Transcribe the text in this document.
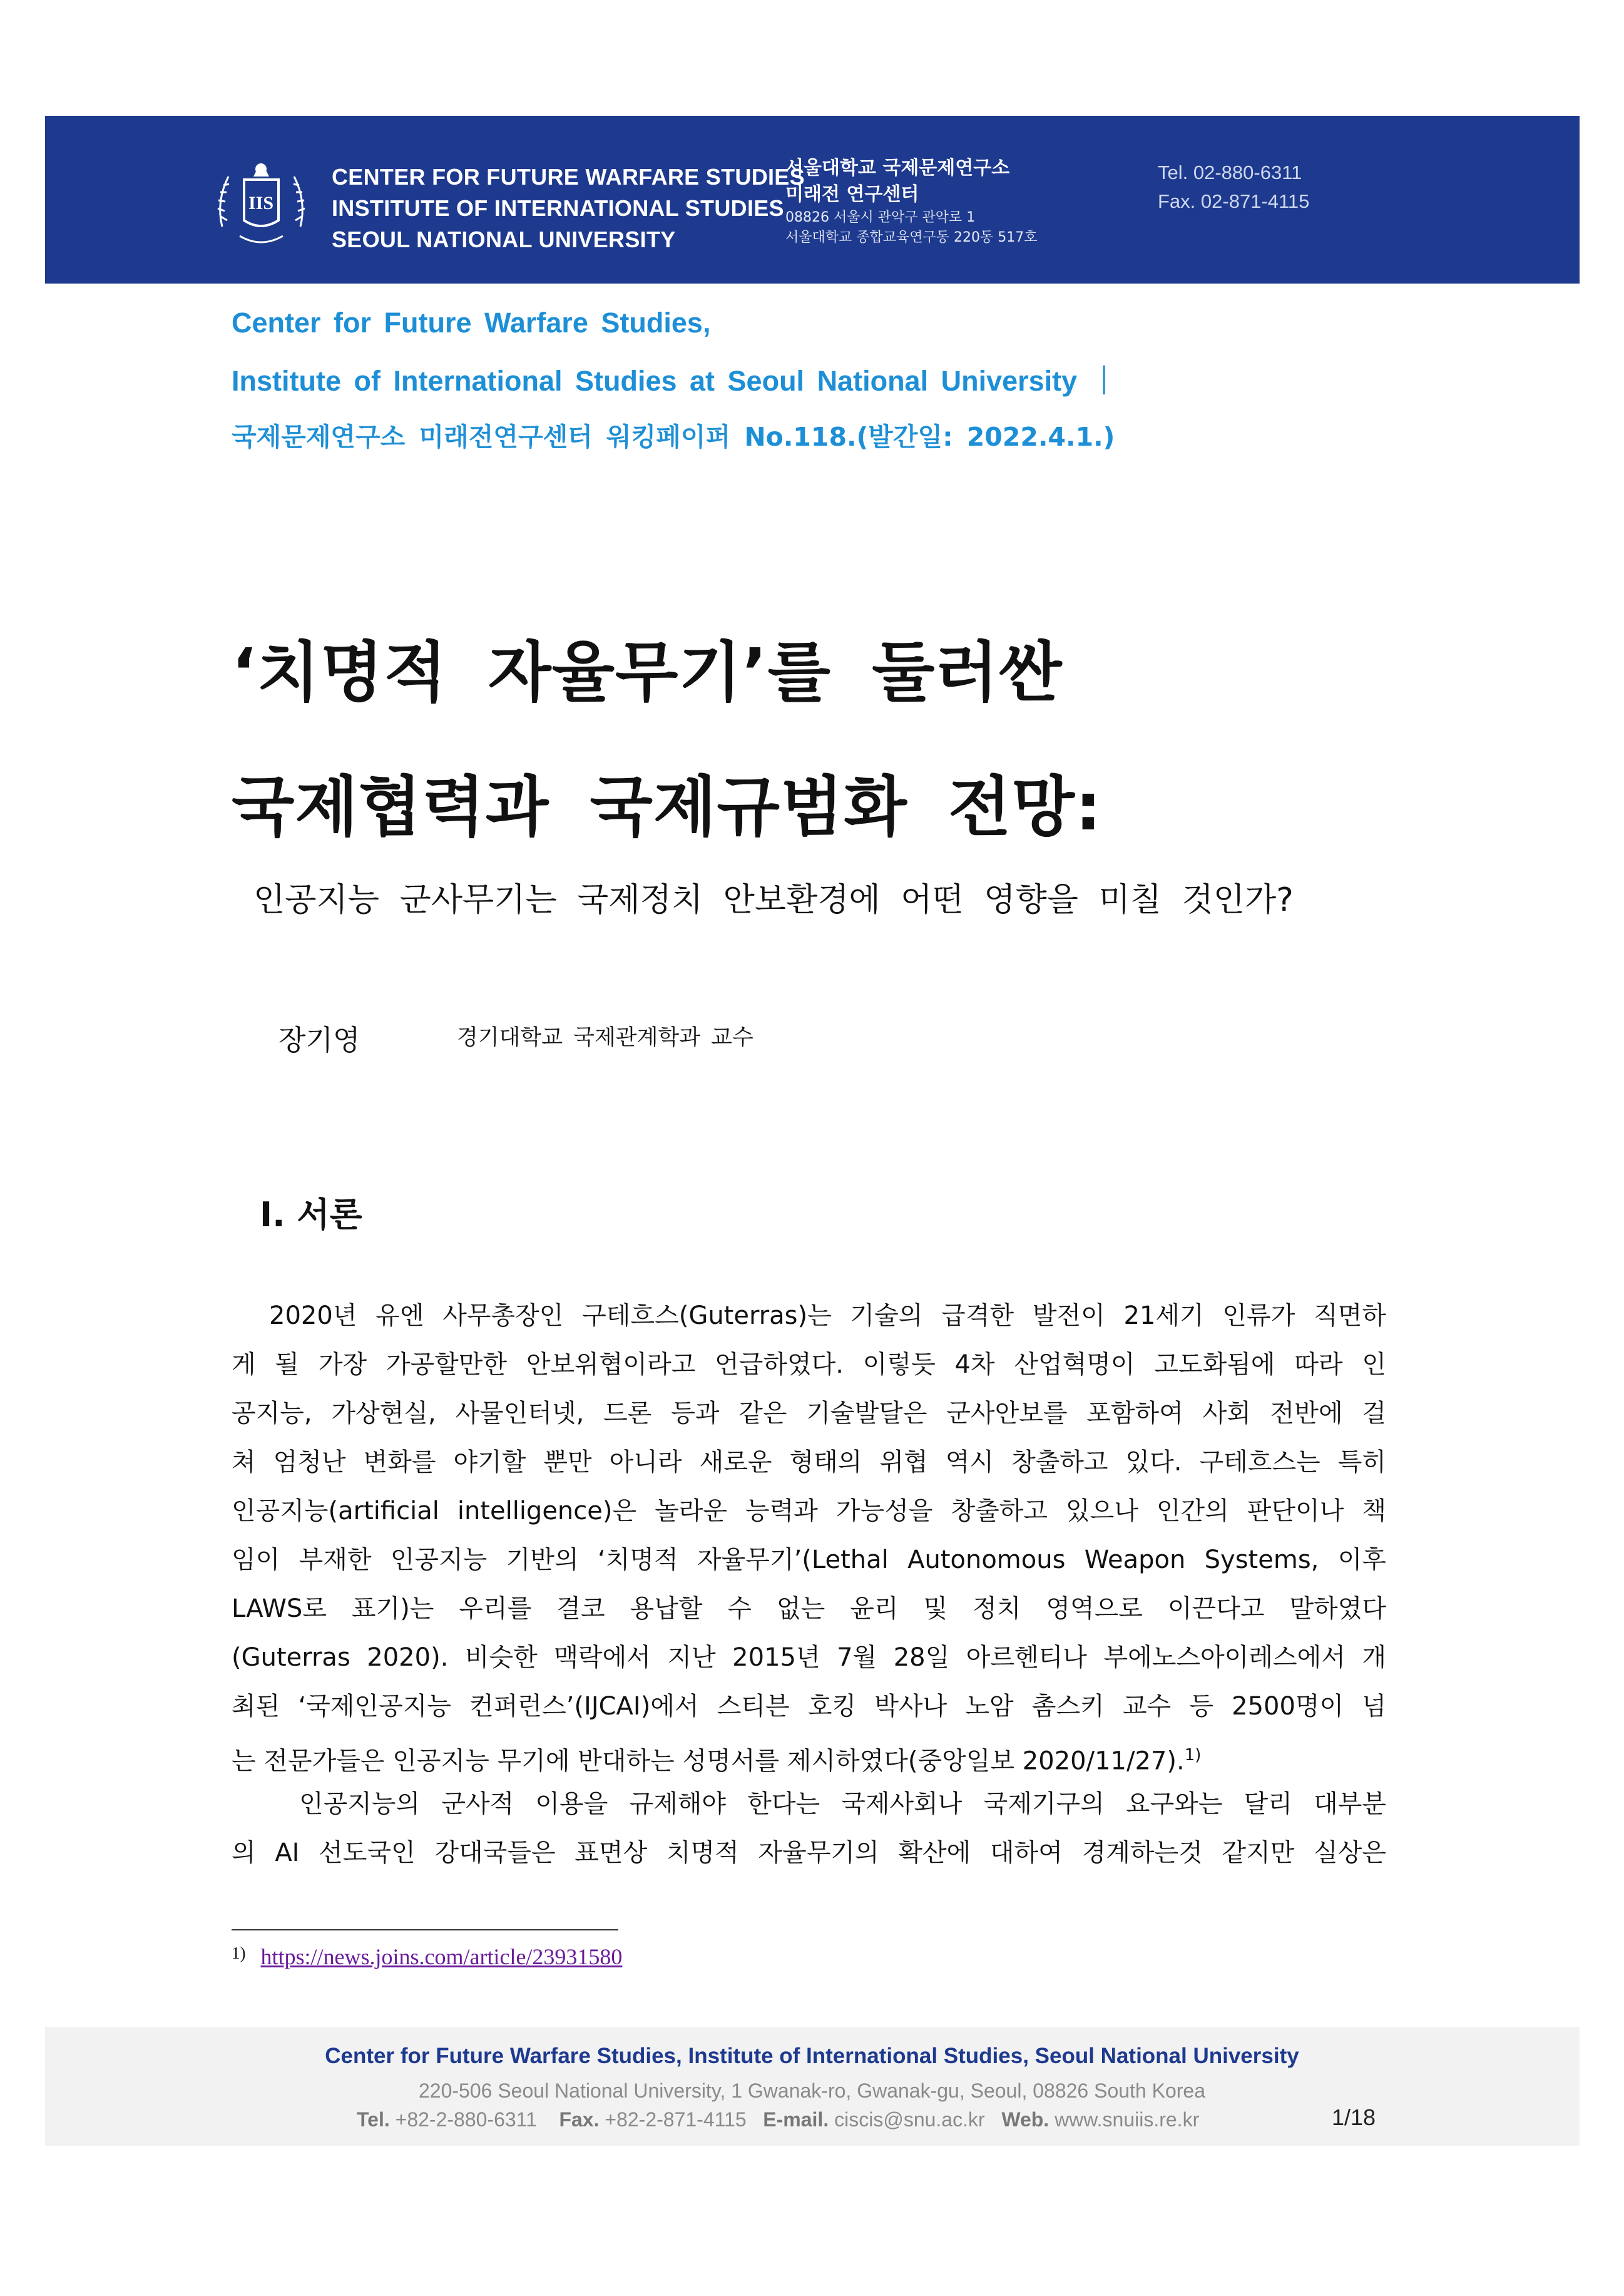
IIS
CENTER FOR FUTURE WARFARE STUDIES
INSTITUTE OF INTERNATIONAL STUDIES
SEOUL NATIONAL UNIVERSITY
서울대학교 국제문제연구소
미래전 연구센터
08826 서울시 관악구 관악로 1
서울대학교 종합교육연구동 220동 517호
Tel. 02-880-6311
Fax. 02-871-4115
Center for Future Warfare Studies,
Institute of International Studies at Seoul National University ｜
국제문제연구소 미래전연구센터 워킹페이퍼 No.118.(발간일: 2022.4.1.)
‘치명적 자율무기’를 둘러싼
국제협력과 국제규범화 전망:
인공지능 군사무기는 국제정치 안보환경에 어떤 영향을 미칠 것인가?
장기영	경기대학교 국제관계학과 교수
I. 서론
2020년 유엔 사무총장인 구테흐스(Guterras)는 기술의 급격한 발전이 21세기 인류가 직면하
게 될 가장 가공할만한 안보위협이라고 언급하였다. 이렇듯 4차 산업혁명이 고도화됨에 따라 인
공지능, 가상현실, 사물인터넷, 드론 등과 같은 기술발달은 군사안보를 포함하여 사회 전반에 걸
쳐 엄청난 변화를 야기할 뿐만 아니라 새로운 형태의 위협 역시 창출하고 있다. 구테흐스는 특히
인공지능(artificial intelligence)은 놀라운 능력과 가능성을 창출하고 있으나 인간의 판단이나 책
임이 부재한 인공지능 기반의 ‘치명적 자율무기’(Lethal Autonomous Weapon Systems, 이후
LAWS로 표기)는 우리를 결코 용납할 수 없는 윤리 및 정치 영역으로 이끈다고 말하였다
(Guterras 2020). 비슷한 맥락에서 지난 2015년 7월 28일 아르헨티나 부에노스아이레스에서 개
최된 ‘국제인공지능 컨퍼런스’(IJCAI)에서 스티븐 호킹 박사나 노암 촘스키 교수 등 2500명이 넘
는 전문가들은 인공지능 무기에 반대하는 성명서를 제시하였다(중앙일보 2020/11/27).$^{1)}$
인공지능의 군사적 이용을 규제해야 한다는 국제사회나 국제기구의 요구와는 달리 대부분
의 AI 선도국인 강대국들은 표면상 치명적 자율무기의 확산에 대하여 경계하는것 같지만 실상은
$^{1)}$ https://news.joins.com/article/23931580
Center for Future Warfare Studies, Institute of International Studies, Seoul National University
220-506 Seoul National University, 1 Gwanak-ro, Gwanak-gu, Seoul, 08826 South Korea
Tel. +82-2-880-6311 Fax. +82-2-871-4115 E-mail. ciscis@snu.ac.kr Web. www.snuiis.re.kr	1/18
